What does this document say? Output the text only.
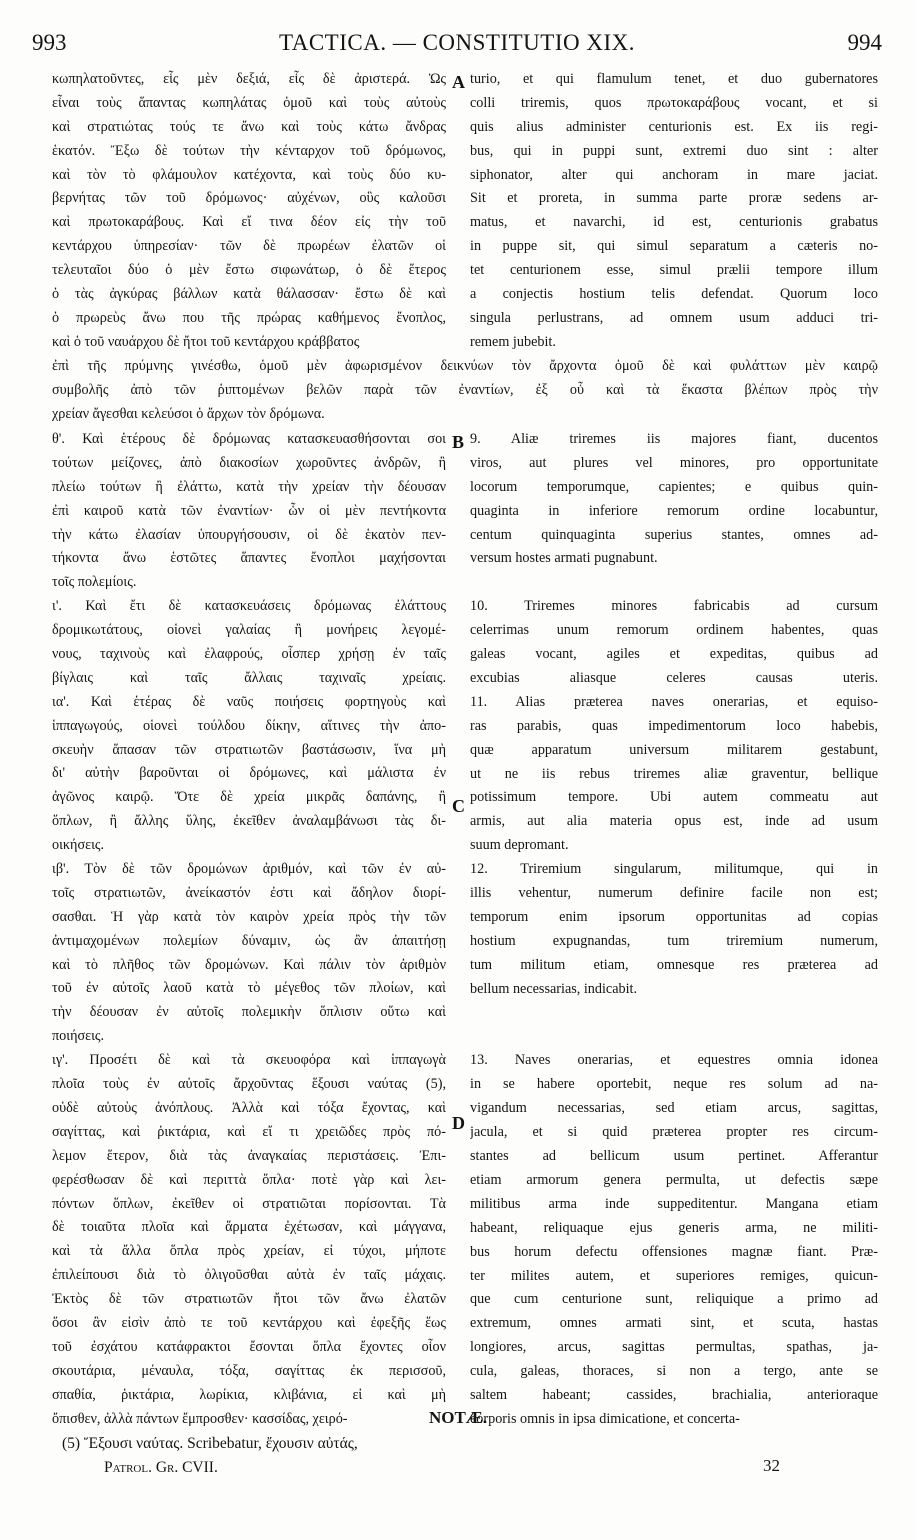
993	TACTICA. — CONSTITUTIO XIX.	994
κωπηλατοῦντες, εἷς μὲν δεξιά, εἷς δὲ ἀριστερά. Ὡς
εἶναι τοὺς ἅπαντας κωπηλάτας ὁμοῦ καὶ τοὺς αὐτοὺς
καὶ στρατιώτας τούς τε ἄνω καὶ τοὺς κάτω ἄνδρας
ἑκατόν. Ἔξω δὲ τούτων τὴν κένταρχον τοῦ δρόμωνος,
καὶ τὸν τὸ φλάμουλον κατέχοντα, καὶ τοὺς δύο κυ-
βερνήτας τῶν τοῦ δρόμωνος· αὐχένων, οὓς καλοῦσι
καὶ πρωτοκαράβους. Καὶ εἴ τινα δέον εἰς τὴν τοῦ
κεντάρχου ὑπηρεσίαν· τῶν δὲ πρωρέων ἐλατῶν οἱ
τελευταῖοι δύο ὁ μὲν ἔστω σιφωνάτωρ, ὁ δὲ ἕτερος
ὁ τὰς ἀγκύρας βάλλων κατὰ θάλασσαν· ἔστω δὲ καὶ
ὁ πρωρεὺς ἄνω που τῆς πρώρας καθήμενος ἔνοπλος,
καὶ ὁ τοῦ ναυάρχου δὲ ἤτοι τοῦ κεντάρχου κράββατος
turio, et qui flamulum tenet, et duo gubernatores
colli triremis, quos πρωτοκαράβους vocant, et si
quis alius administer centurionis est. Ex iis regi-
bus, qui in puppi sunt, extremi duo sint : alter
siphonator, alter qui anchoram in mare jaciat.
Sit et proreta, in summa parte proræ sedens ar-
matus, et navarchi, id est, centurionis grabatus
in puppe sit, qui simul separatum a cæteris no-
tet centurionem esse, simul prælii tempore illum
a conjectis hostium telis defendat. Quorum loco
singula perlustrans, ad omnem usum adduci tri-
remem jubebit.
ἐπὶ τῆς πρύμνης γινέσθω, ὁμοῦ μὲν ἀφωρισμένον δεικνύων τὸν ἄρχοντα ὁμοῦ δὲ καὶ φυλάττων μὲν καιρῷ
συμβολῆς ἀπὸ τῶν ῥιπτομένων βελῶν παρὰ τῶν ἐναντίων, ἐξ οὗ καὶ τὰ ἕκαστα βλέπων πρὸς τὴν
χρείαν ἄγεσθαι κελεύσοι ὁ ἄρχων τὸν δρόμωνα.
θ'. Καὶ ἑτέρους δὲ δρόμωνας κατασκευασθήσονται σοι
τούτων μείζονες, ἀπὸ διακοσίων χωροῦντες ἀνδρῶν, ἢ
πλείω τούτων ἢ ἐλάττω, κατὰ τὴν χρείαν τὴν δέουσαν
ἐπὶ καιροῦ κατὰ τῶν ἐναντίων· ὧν οἱ μὲν πεντήκοντα
τὴν κάτω ἐλασίαν ὑπουργήσουσιν, οἱ δὲ ἑκατὸν πεν-
τήκοντα ἄνω ἑστῶτες ἅπαντες ἔνοπλοι μαχήσονται
τοῖς πολεμίοις.
ι'. Καὶ ἔτι δὲ κατασκευάσεις δρόμωνας ἐλάττους
δρομικωτάτους, οἱονεὶ γαλαίας ἢ μονήρεις λεγομέ-
νους, ταχινοὺς καὶ ἐλαφρούς, οἷσπερ χρήσῃ ἐν ταῖς
βίγλαις καὶ ταῖς ἄλλαις ταχιναῖς χρείαις.
ια'. Καὶ ἑτέρας δὲ ναῦς ποιήσεις φορτηγοὺς καὶ
ἱππαγωγούς, οἱονεὶ τούλδου δίκην, αἵτινες τὴν ἀπο-
σκευὴν ἅπασαν τῶν στρατιωτῶν βαστάσωσιν, ἵνα μὴ
δι' αὐτὴν βαροῦνται οἱ δρόμωνες, καὶ μάλιστα ἐν
ἀγῶνος καιρῷ. Ὅτε δὲ χρεία μικρᾶς δαπάνης, ἢ
ὅπλων, ἢ ἄλλης ὕλης, ἐκεῖθεν ἀναλαμβάνωσι τὰς δι-
οικήσεις.
ιβ'. Τὸν δὲ τῶν δρομώνων ἀριθμόν, καὶ τῶν ἐν αὐ-
τοῖς στρατιωτῶν, ἀνείκαστόν ἐστι καὶ ἄδηλον διορί-
σασθαι. Ἡ γὰρ κατὰ τὸν καιρὸν χρεία πρὸς τὴν τῶν
ἀντιμαχομένων πολεμίων δύναμιν, ὡς ἂν ἀπαιτήσῃ
καὶ τὸ πλῆθος τῶν δρομώνων. Καὶ πάλιν τὸν ἀριθμὸν
τοῦ ἐν αὐτοῖς λαοῦ κατὰ τὸ μέγεθος τῶν πλοίων, καὶ
τὴν δέουσαν ἐν αὐτοῖς πολεμικὴν ὅπλισιν οὕτω καὶ
ποιήσεις.
ιγ'. Προσέτι δὲ καὶ τὰ σκευοφόρα καὶ ἱππαγωγὰ
πλοῖα τοὺς ἐν αὐτοῖς ἄρχοῦντας ἕξουσι ναύτας (5),
οὐδὲ αὐτοὺς ἀνόπλους. Ἀλλὰ καὶ τόξα ἔχοντας, καὶ
σαγίττας, καὶ ῥικτάρια, καὶ εἴ τι χρειῶδες πρὸς πό-
λεμον ἕτερον, διὰ τὰς ἀναγκαίας περιστάσεις. Ἐπι-
φερέσθωσαν δὲ καὶ περιττὰ ὅπλα· ποτὲ γὰρ καὶ λει-
πόντων ὅπλων, ἐκεῖθεν οἱ στρατιῶται πορίσονται. Τὰ
δὲ τοιαῦτα πλοῖα καὶ ἅρματα ἐχέτωσαν, καὶ μάγγανα,
καὶ τὰ ἄλλα ὅπλα πρὸς χρείαν, εἰ τύχοι, μήποτε
ἐπιλείπουσι διὰ τὸ ὀλιγοῦσθαι αὐτὰ ἐν ταῖς μάχαις.
Ἐκτὸς δὲ τῶν στρατιωτῶν ἤτοι τῶν ἄνω ἐλατῶν
ὅσοι ἂν εἰσὶν ἀπὸ τε τοῦ κεντάρχου καὶ ἐφεξῆς ἕως
τοῦ ἐσχάτου κατάφρακτοι ἔσονται ὅπλα ἔχοντες οἷον
σκουτάρια, μέναυλα, τόξα, σαγίττας ἐκ περισσοῦ,
σπαθία, ῥικτάρια, λωρίκια, κλιβάνια, εἰ καὶ μὴ
ὄπισθεν, ἀλλὰ πάντων ἔμπροσθεν· κασσίδας, χειρό-
9. Aliæ triremes iis majores fiant, ducentos
viros, aut plures vel minores, pro opportunitate
locorum temporumque, capientes; e quibus quin-
quaginta in inferiore remorum ordine locabuntur,
centum quinquaginta superius stantes, omnes ad-
versum hostes armati pugnabunt.
10. Triremes minores fabricabis ad cursum
celerrimas unum remorum ordinem habentes, quas
galeas vocant, agiles et expeditas, quibus ad
excubias aliasque celeres causas uteris.
11. Alias præterea naves onerarias, et equiso-
ras parabis, quas impedimentorum loco habebis,
quæ apparatum universum militarem gestabunt,
ut ne iis rebus triremes aliæ graventur, bellique
potissimum tempore. Ubi autem commeatu aut
armis, aut alia materia opus est, inde ad usum
suum depromant.
12. Triremium singularum, militumque, qui in
illis vehentur, numerum definire facile non est;
temporum enim ipsorum opportunitas ad copias
hostium expugnandas, tum triremium numerum,
tum militum etiam, omnesque res præterea ad
bellum necessarias, indicabit.
13. Naves onerarias, et equestres omnia idonea
in se habere oportebit, neque res solum ad na-
vigandum necessarias, sed etiam arcus, sagittas,
jacula, et si quid præterea propter res circum-
stantes ad bellicum usum pertinet. Afferantur
etiam armorum genera permulta, ut defectis sæpe
militibus arma inde suppeditentur. Mangana etiam
habeant, reliquaque ejus generis arma, ne militi-
bus horum defectu offensiones magnæ fiant. Præ-
ter milites autem, et superiores remiges, quicun-
que cum centurione sunt, reliquique a primo ad
extremum, omnes armati sint, et scuta, hastas
longiores, arcus, sagittas permultas, spathas, ja-
cula, galeas, thoraces, si non a tergo, ante se
saltem habeant; cassides, brachialia, anterioraque
corporis omnis in ipsa dimicatione, et concerta-
A
B
C
D
NOTÆ.
(5) Ἕξουσι ναύτας. Scribebatur, ἔχουσιν αὐτάς,
Patrol. Gr. CVII.	32
